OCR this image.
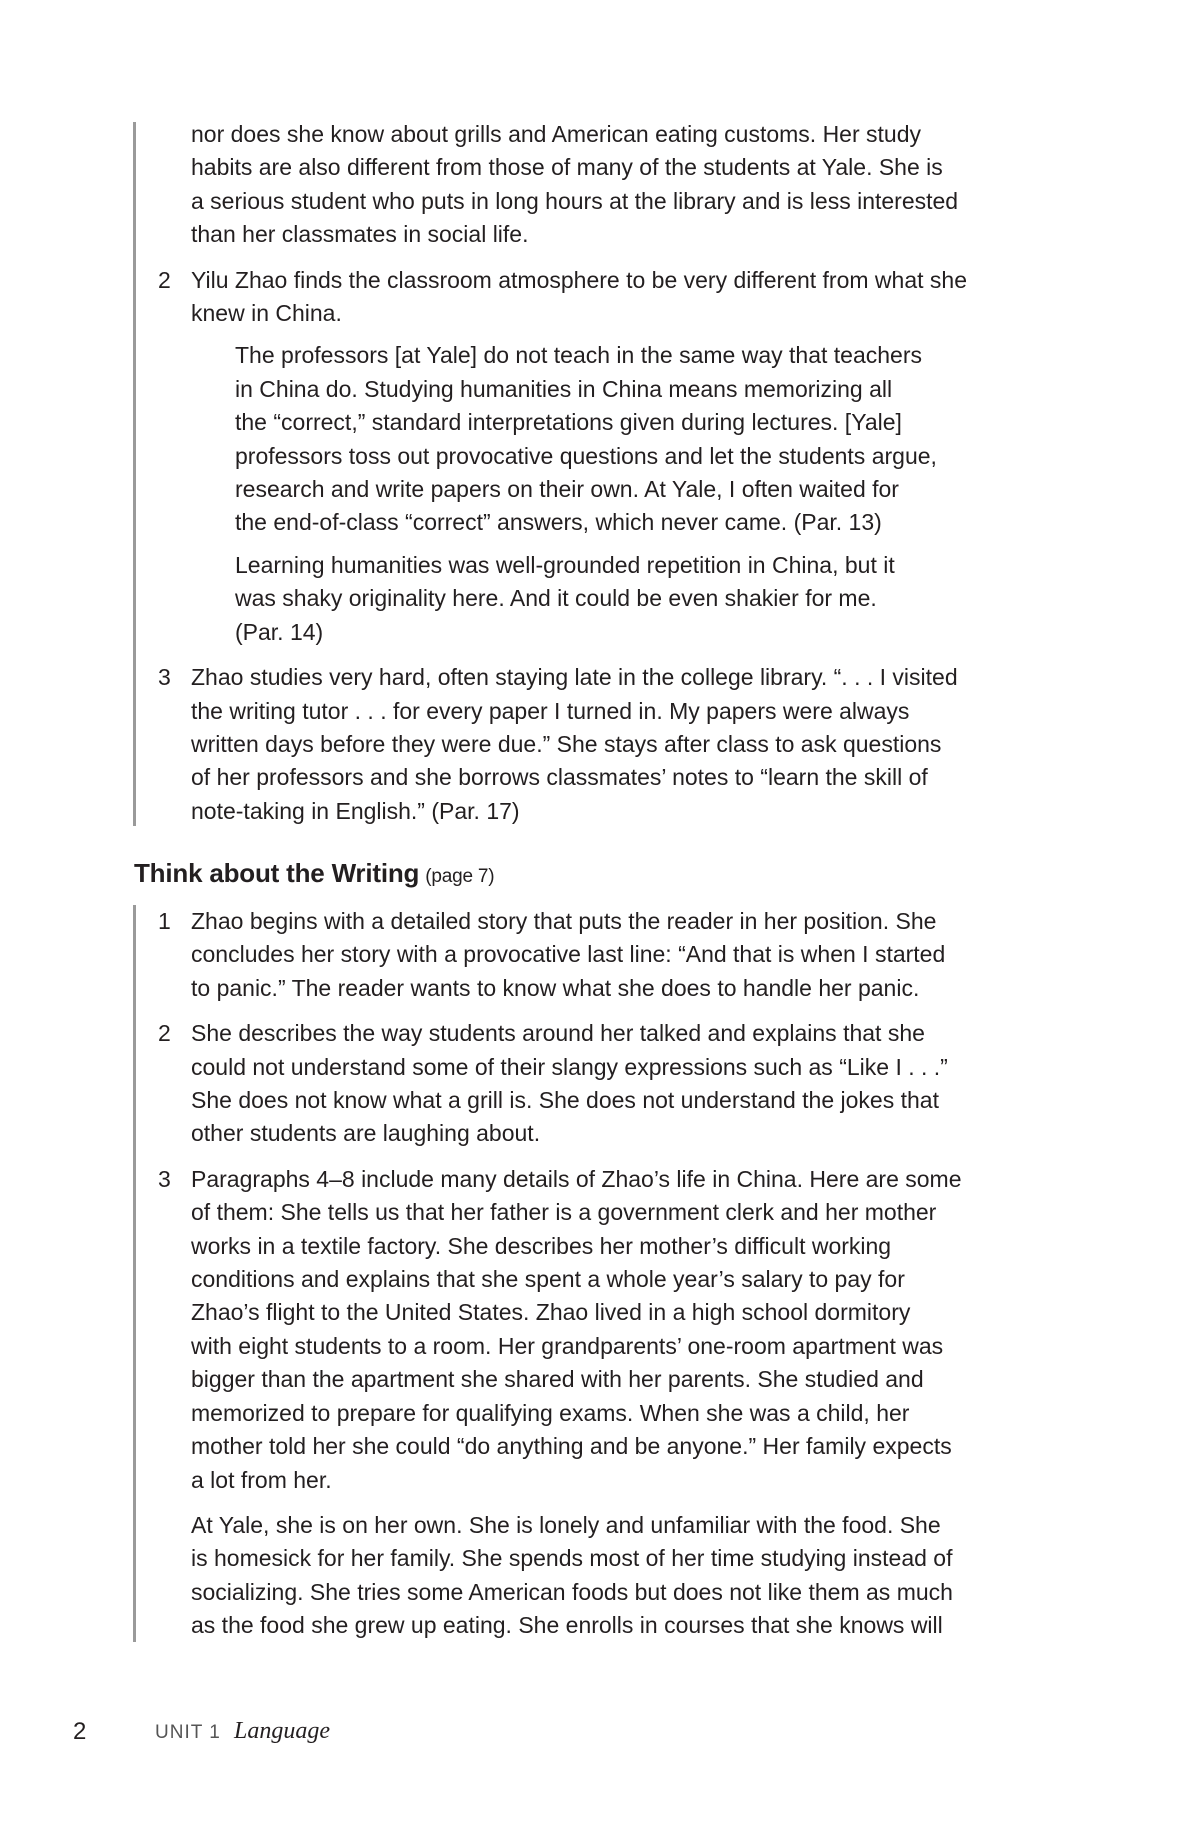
nor does she know about grills and American eating customs. Her study
habits are also different from those of many of the students at Yale. She is
a serious student who puts in long hours at the library and is less interested
than her classmates in social life.
2 Yilu Zhao finds the classroom atmosphere to be very different from what she
knew in China.
The professors [at Yale] do not teach in the same way that teachers
in China do. Studying humanities in China means memorizing all
the “correct,” standard interpretations given during lectures. [Yale]
professors toss out provocative questions and let the students argue,
research and write papers on their own. At Yale, I often waited for
the end-of-class “correct” answers, which never came. (Par. 13)
Learning humanities was well-grounded repetition in China, but it
was shaky originality here. And it could be even shakier for me.
(Par. 14)
3 Zhao studies very hard, often staying late in the college library. “. . . I visited
the writing tutor . . . for every paper I turned in. My papers were always
written days before they were due.” She stays after class to ask questions
of her professors and she borrows classmates’ notes to “learn the skill of
note-taking in English.” (Par. 17)
Think about the Writing (page 7)
1 Zhao begins with a detailed story that puts the reader in her position. She
concludes her story with a provocative last line: “And that is when I started
to panic.” The reader wants to know what she does to handle her panic.
2 She describes the way students around her talked and explains that she
could not understand some of their slangy expressions such as “Like I . . .”
She does not know what a grill is. She does not understand the jokes that
other students are laughing about.
3 Paragraphs 4–8 include many details of Zhao’s life in China. Here are some
of them: She tells us that her father is a government clerk and her mother
works in a textile factory. She describes her mother’s difficult working
conditions and explains that she spent a whole year’s salary to pay for
Zhao’s flight to the United States. Zhao lived in a high school dormitory
with eight students to a room. Her grandparents’ one-room apartment was
bigger than the apartment she shared with her parents. She studied and
memorized to prepare for qualifying exams. When she was a child, her
mother told her she could “do anything and be anyone.” Her family expects
a lot from her.
At Yale, she is on her own. She is lonely and unfamiliar with the food. She
is homesick for her family. She spends most of her time studying instead of
socializing. She tries some American foods but does not like them as much
as the food she grew up eating. She enrolls in courses that she knows will
2	UNIT 1 Language
